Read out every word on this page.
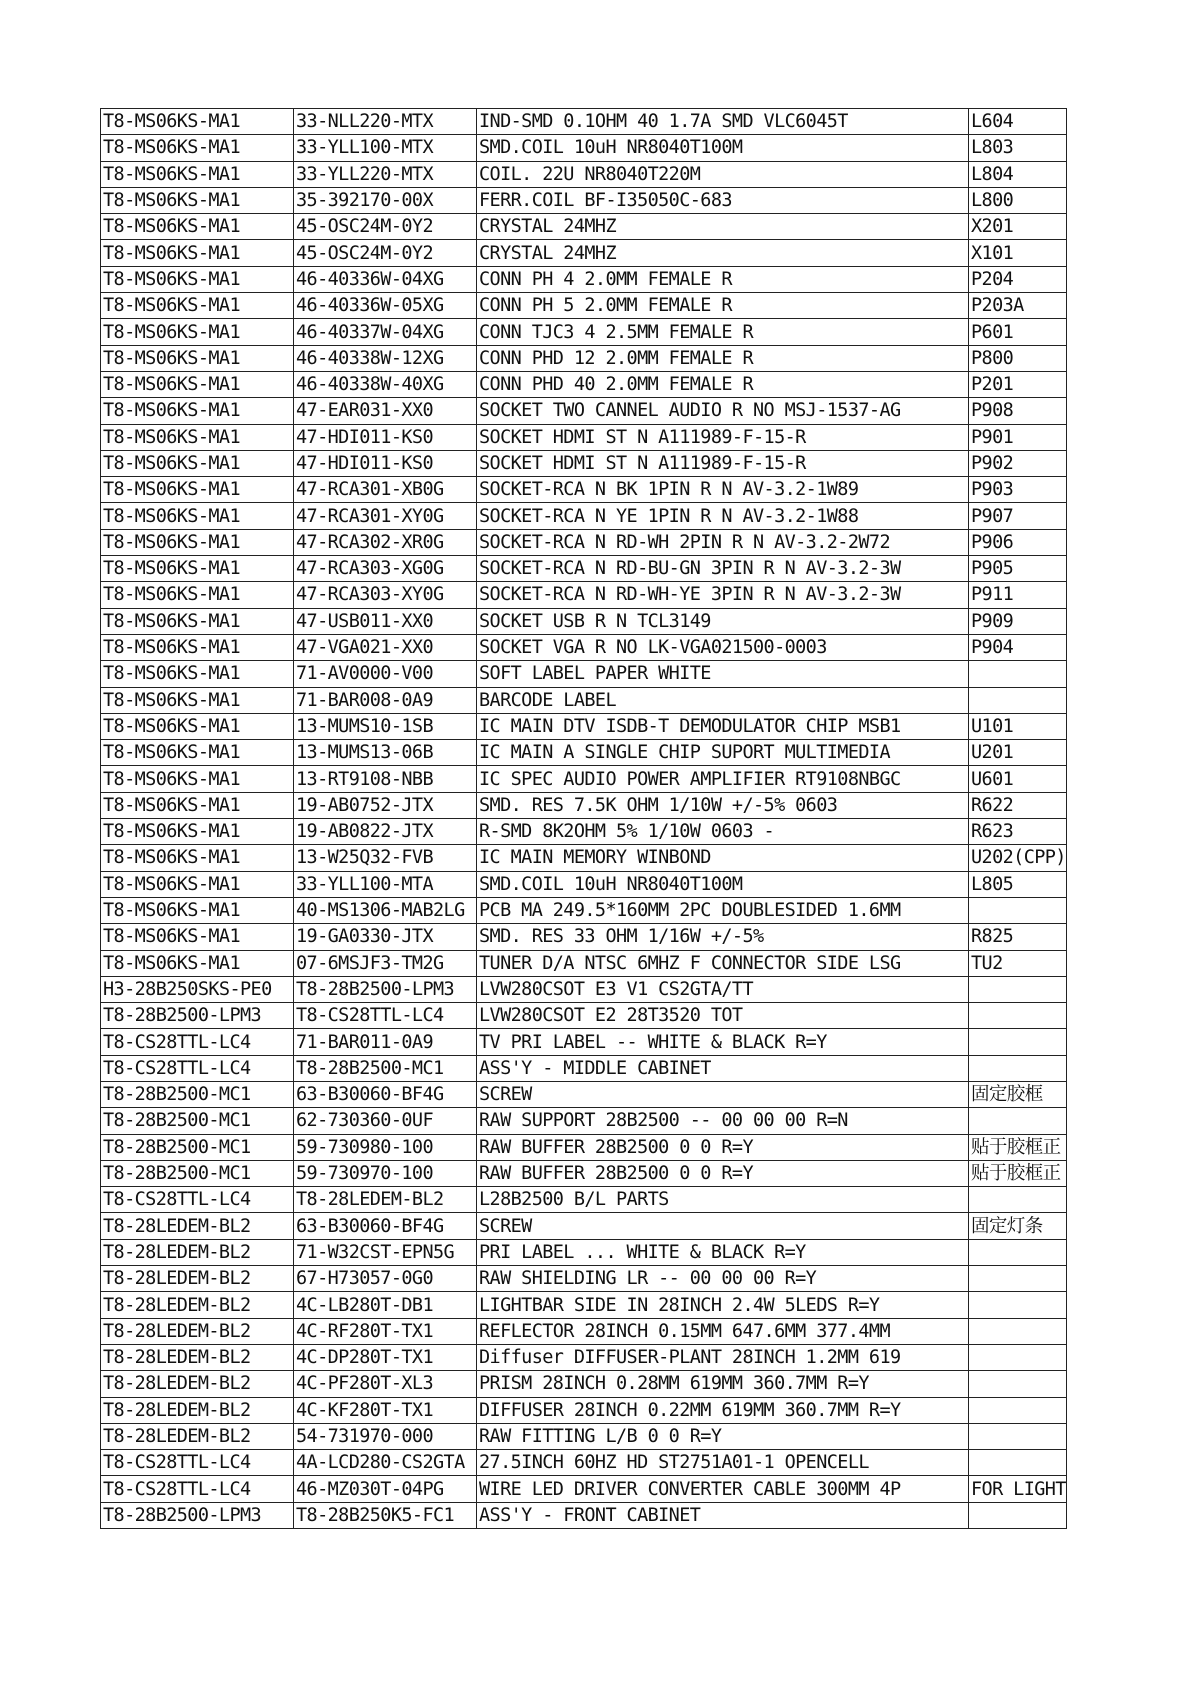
T8-MS06KS-MA1	33-NLL220-MTX	IND-SMD 0.1OHM 40 1.7A SMD VLC6045T	L604
T8-MS06KS-MA1	33-YLL100-MTX	SMD.COIL 10uH NR8040T100M	L803
T8-MS06KS-MA1	33-YLL220-MTX	COIL. 22U NR8040T220M	L804
T8-MS06KS-MA1	35-392170-00X	FERR.COIL BF-I35050C-683	L800
T8-MS06KS-MA1	45-OSC24M-0Y2	CRYSTAL 24MHZ	X201
T8-MS06KS-MA1	45-OSC24M-0Y2	CRYSTAL 24MHZ	X101
T8-MS06KS-MA1	46-40336W-04XG	CONN PH 4 2.0MM FEMALE R	P204
T8-MS06KS-MA1	46-40336W-05XG	CONN PH 5 2.0MM FEMALE R	P203A
T8-MS06KS-MA1	46-40337W-04XG	CONN TJC3 4 2.5MM FEMALE R	P601
T8-MS06KS-MA1	46-40338W-12XG	CONN PHD 12 2.0MM FEMALE R	P800
T8-MS06KS-MA1	46-40338W-40XG	CONN PHD 40 2.0MM FEMALE R	P201
T8-MS06KS-MA1	47-EAR031-XX0	SOCKET TWO CANNEL AUDIO R NO MSJ-1537-AG	P908
T8-MS06KS-MA1	47-HDI011-KS0	SOCKET HDMI ST N A111989-F-15-R	P901
T8-MS06KS-MA1	47-HDI011-KS0	SOCKET HDMI ST N A111989-F-15-R	P902
T8-MS06KS-MA1	47-RCA301-XB0G	SOCKET-RCA N BK 1PIN R N AV-3.2-1W89	P903
T8-MS06KS-MA1	47-RCA301-XY0G	SOCKET-RCA N YE 1PIN R N AV-3.2-1W88	P907
T8-MS06KS-MA1	47-RCA302-XR0G	SOCKET-RCA N RD-WH 2PIN R N AV-3.2-2W72	P906
T8-MS06KS-MA1	47-RCA303-XG0G	SOCKET-RCA N RD-BU-GN 3PIN R N AV-3.2-3W	P905
T8-MS06KS-MA1	47-RCA303-XY0G	SOCKET-RCA N RD-WH-YE 3PIN R N AV-3.2-3W	P911
T8-MS06KS-MA1	47-USB011-XX0	SOCKET USB R N TCL3149	P909
T8-MS06KS-MA1	47-VGA021-XX0	SOCKET VGA R NO LK-VGA021500-0003	P904
T8-MS06KS-MA1	71-AV0000-V00	SOFT LABEL PAPER WHITE	
T8-MS06KS-MA1	71-BAR008-0A9	BARCODE LABEL	
T8-MS06KS-MA1	13-MUMS10-1SB	IC MAIN DTV ISDB-T DEMODULATOR CHIP MSB1	U101
T8-MS06KS-MA1	13-MUMS13-06B	IC MAIN A SINGLE CHIP SUPORT MULTIMEDIA	U201
T8-MS06KS-MA1	13-RT9108-NBB	IC SPEC AUDIO POWER AMPLIFIER RT9108NBGC	U601
T8-MS06KS-MA1	19-AB0752-JTX	SMD. RES 7.5K OHM 1/10W +/-5% 0603	R622
T8-MS06KS-MA1	19-AB0822-JTX	R-SMD 8K2OHM 5% 1/10W 0603 -	R623
T8-MS06KS-MA1	13-W25Q32-FVB	IC MAIN MEMORY WINBOND	U202(CPP)
T8-MS06KS-MA1	33-YLL100-MTA	SMD.COIL 10uH NR8040T100M	L805
T8-MS06KS-MA1	40-MS1306-MAB2LG	PCB MA 249.5*160MM 2PC DOUBLESIDED 1.6MM	
T8-MS06KS-MA1	19-GA0330-JTX	SMD. RES 33 OHM 1/16W +/-5%	R825
T8-MS06KS-MA1	07-6MSJF3-TM2G	TUNER D/A NTSC 6MHZ F CONNECTOR SIDE LSG	TU2
H3-28B250SKS-PE0	T8-28B2500-LPM3	LVW280CSOT E3 V1 CS2GTA/TT	
T8-28B2500-LPM3	T8-CS28TTL-LC4	LVW280CSOT E2 28T3520 TOT	
T8-CS28TTL-LC4	71-BAR011-0A9	TV PRI LABEL -- WHITE & BLACK R=Y	
T8-CS28TTL-LC4	T8-28B2500-MC1	ASS'Y - MIDDLE CABINET	
T8-28B2500-MC1	63-B30060-BF4G	SCREW	固定胶框
T8-28B2500-MC1	62-730360-0UF	RAW SUPPORT 28B2500 -- 00 00 00 R=N	
T8-28B2500-MC1	59-730980-100	RAW BUFFER 28B2500 0 0 R=Y	贴于胶框正
T8-28B2500-MC1	59-730970-100	RAW BUFFER 28B2500 0 0 R=Y	贴于胶框正
T8-CS28TTL-LC4	T8-28LEDEM-BL2	L28B2500 B/L PARTS	
T8-28LEDEM-BL2	63-B30060-BF4G	SCREW	固定灯条
T8-28LEDEM-BL2	71-W32CST-EPN5G	PRI LABEL ... WHITE & BLACK R=Y	
T8-28LEDEM-BL2	67-H73057-0G0	RAW SHIELDING LR -- 00 00 00 R=Y	
T8-28LEDEM-BL2	4C-LB280T-DB1	LIGHTBAR SIDE IN 28INCH 2.4W 5LEDS R=Y	
T8-28LEDEM-BL2	4C-RF280T-TX1	REFLECTOR 28INCH 0.15MM 647.6MM 377.4MM	
T8-28LEDEM-BL2	4C-DP280T-TX1	Diffuser DIFFUSER-PLANT 28INCH 1.2MM 619	
T8-28LEDEM-BL2	4C-PF280T-XL3	PRISM 28INCH 0.28MM 619MM 360.7MM R=Y	
T8-28LEDEM-BL2	4C-KF280T-TX1	DIFFUSER 28INCH 0.22MM 619MM 360.7MM R=Y	
T8-28LEDEM-BL2	54-731970-000	RAW FITTING L/B 0 0 R=Y	
T8-CS28TTL-LC4	4A-LCD280-CS2GTA	27.5INCH 60HZ HD ST2751A01-1 OPENCELL	
T8-CS28TTL-LC4	46-MZ030T-04PG	WIRE LED DRIVER CONVERTER CABLE 300MM 4P	FOR LIGHT
T8-28B2500-LPM3	T8-28B250K5-FC1	ASS'Y - FRONT CABINET	
